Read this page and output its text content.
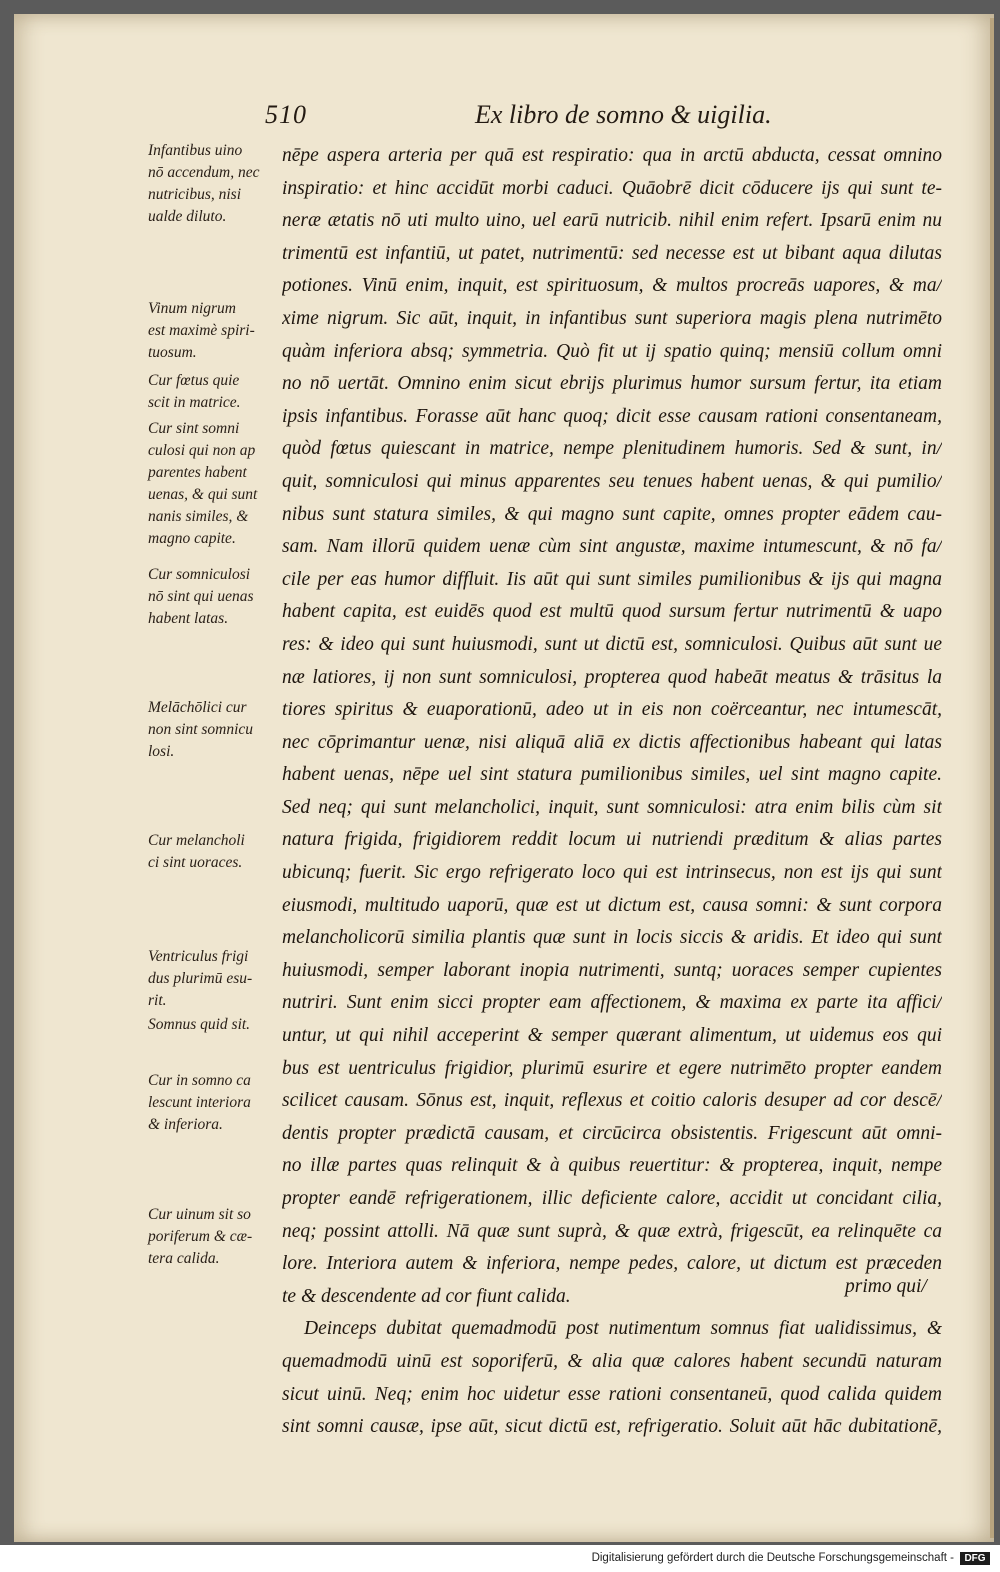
510	Ex libro de somno & uigilia.
Infantibus uino
nō accendum, nec
nutricibus, nisi
ualde diluto.
Vinum nigrum
est maximè spiri-
tuosum.
Cur fœtus quie
scit in matrice.
Cur sint somni
culosi qui non ap
parentes habent
uenas, & qui sunt
nanis similes, &
magno capite.
Cur somniculosi
nō sint qui uenas
habent latas.
Melāchōlici cur
non sint somnicu
losi.
Cur melancholi
ci sint uoraces.
Ventriculus frigi
dus plurimū esu-
rit.
Somnus quid sit.
Cur in somno ca
lescunt interiora
& inferiora.
Cur uinum sit so
poriferum & cæ-
tera calida.
nēpe aspera arteria per quā est respiratio: qua in arctū abducta, cessat omnino
inspiratio: et hinc accidūt morbi caduci. Quāobrē dicit cōducere ijs qui sunt te-
neræ ætatis nō uti multo uino, uel earū nutricib. nihil enim refert. Ipsarū enim nu
trimentū est infantiū, ut patet, nutrimentū: sed necesse est ut bibant aqua dilutas
potiones. Vinū enim, inquit, est spirituosum, & multos procreās uapores, & ma/
xime nigrum. Sic aūt, inquit, in infantibus sunt superiora magis plena nutrimēto
quàm inferiora absq; symmetria. Quò fit ut ij spatio quinq; mensiū collum omni
no nō uertāt. Omnino enim sicut ebrijs plurimus humor sursum fertur, ita etiam
ipsis infantibus. Forasse aūt hanc quoq; dicit esse causam rationi consentaneam,
quòd fœtus quiescant in matrice, nempe plenitudinem humoris. Sed & sunt, in/
quit, somniculosi qui minus apparentes seu tenues habent uenas, & qui pumilio/
nibus sunt statura similes, & qui magno sunt capite, omnes propter eādem cau-
sam. Nam illorū quidem uenæ cùm sint angustæ, maxime intumescunt, & nō fa/
cile per eas humor diffluit. Iis aūt qui sunt similes pumilionibus & ijs qui magna
habent capita, est euidēs quod est multū quod sursum fertur nutrimentū & uapo
res: & ideo qui sunt huiusmodi, sunt ut dictū est, somniculosi. Quibus aūt sunt ue
næ latiores, ij non sunt somniculosi, propterea quod habeāt meatus & trāsitus la
tiores spiritus & euaporationū, adeo ut in eis non coërceantur, nec intumescāt,
nec cōprimantur uenæ, nisi aliquā aliā ex dictis affectionibus habeant qui latas
habent uenas, nēpe uel sint statura pumilionibus similes, uel sint magno capite.
Sed neq; qui sunt melancholici, inquit, sunt somniculosi: atra enim bilis cùm sit
natura frigida, frigidiorem reddit locum ui nutriendi præditum & alias partes
ubicunq; fuerit. Sic ergo refrigerato loco qui est intrinsecus, non est ijs qui sunt
eiusmodi, multitudo uaporū, quæ est ut dictum est, causa somni: & sunt corpora
melancholicorū similia plantis quæ sunt in locis siccis & aridis. Et ideo qui sunt
huiusmodi, semper laborant inopia nutrimenti, suntq; uoraces semper cupientes
nutriri. Sunt enim sicci propter eam affectionem, & maxima ex parte ita affici/
untur, ut qui nihil acceperint & semper quærant alimentum, ut uidemus eos qui
bus est uentriculus frigidior, plurimū esurire et egere nutrimēto propter eandem
scilicet causam. Sōnus est, inquit, reflexus et coitio caloris desuper ad cor descē/
dentis propter prædictā causam, et circūcirca obsistentis. Frigescunt aūt omni-
no illæ partes quas relinquit & à quibus reuertitur: & propterea, inquit, nempe
propter eandē refrigerationem, illic deficiente calore, accidit ut concidant cilia,
neq; possint attolli. Nā quæ sunt suprà, & quæ extrà, frigescūt, ea relinquēte ca
lore. Interiora autem & inferiora, nempe pedes, calore, ut dictum est præceden
te & descendente ad cor fiunt calida.
Deinceps dubitat quemadmodū post nutimentum somnus fiat ualidissimus, &
quemadmodū uinū est soporiferū, & alia quæ calores habent secundū naturam
sicut uinū. Neq; enim hoc uidetur esse rationi consentaneū, quod calida quidem
sint somni causæ, ipse aūt, sicut dictū est, refrigeratio. Soluit aūt hāc dubitationē,
primo qui/
Digitalisierung gefördert durch die Deutsche Forschungsgemeinschaft -	DFG
